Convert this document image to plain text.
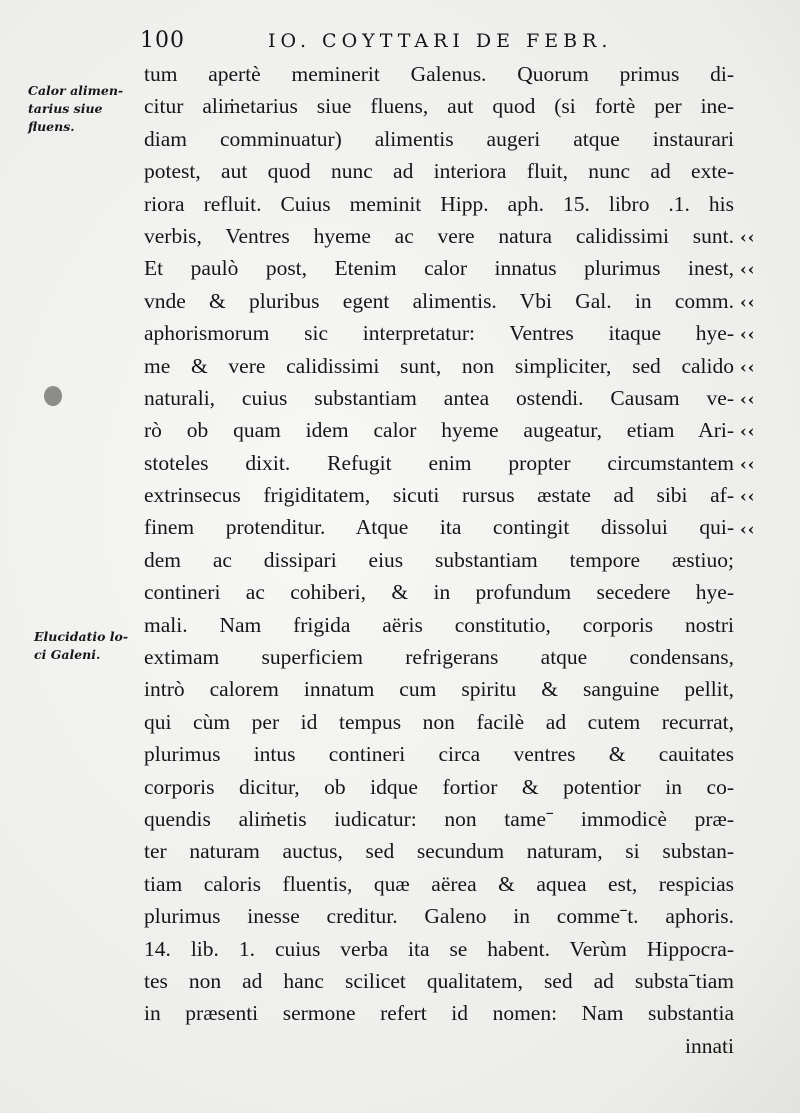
100	IO. COYTTARI DE FEBR.
Calor alimen- tarius siue fluens.
Elucidatio lo- ci Galeni.
tum apertè meminerit Galenus. Quorum primus di-
citur aliṁetarius siue fluens, aut quod (si fortè per ine-
diam comminuatur) alimentis augeri atque instaurari
potest, aut quod nunc ad interiora fluit, nunc ad exte-
riora refluit. Cuius meminit Hipp. aph. 15. libro .1. his
verbis, Ventres hyeme ac vere natura calidissimi sunt.
Et paulò post, Etenim calor innatus plurimus inest,
vnde & pluribus egent alimentis. Vbi Gal. in comm.
aphorismorum sic interpretatur: Ventres itaque hye-
me & vere calidissimi sunt, non simpliciter, sed calido
naturali, cuius substantiam antea ostendi. Causam ve-
rò ob quam idem calor hyeme augeatur, etiam Ari-
stoteles dixit. Refugit enim propter circumstantem
extrinsecus frigiditatem, sicuti rursus æstate ad sibi af-
finem protenditur. Atque ita contingit dissolui qui-
dem ac dissipari eius substantiam tempore æstiuo;
contineri ac cohiberi, & in profundum secedere hye-
mali. Nam frigida aëris constitutio, corporis nostri
extimam superficiem refrigerans atque condensans,
intrò calorem innatum cum spiritu & sanguine pellit,
qui cùm per id tempus non facilè ad cutem recurrat,
plurimus intus contineri circa ventres & cauitates
corporis dicitur, ob idque fortior & potentior in co-
quendis aliṁetis iudicatur: non tameˉ immodicè præ-
ter naturam auctus, sed secundum naturam, si substan-
tiam caloris fluentis, quæ aërea & aquea est, respicias
plurimus inesse creditur. Galeno in commeˉt. aphoris.
14. lib. 1. cuius verba ita se habent. Verùm Hippocra-
tes non ad hanc scilicet qualitatem, sed ad substaˉtiam
in præsenti sermone refert id nomen: Nam substantia
innati
‹‹
‹‹
‹‹
‹‹
‹‹
‹‹
‹‹
‹‹
‹‹
‹‹
